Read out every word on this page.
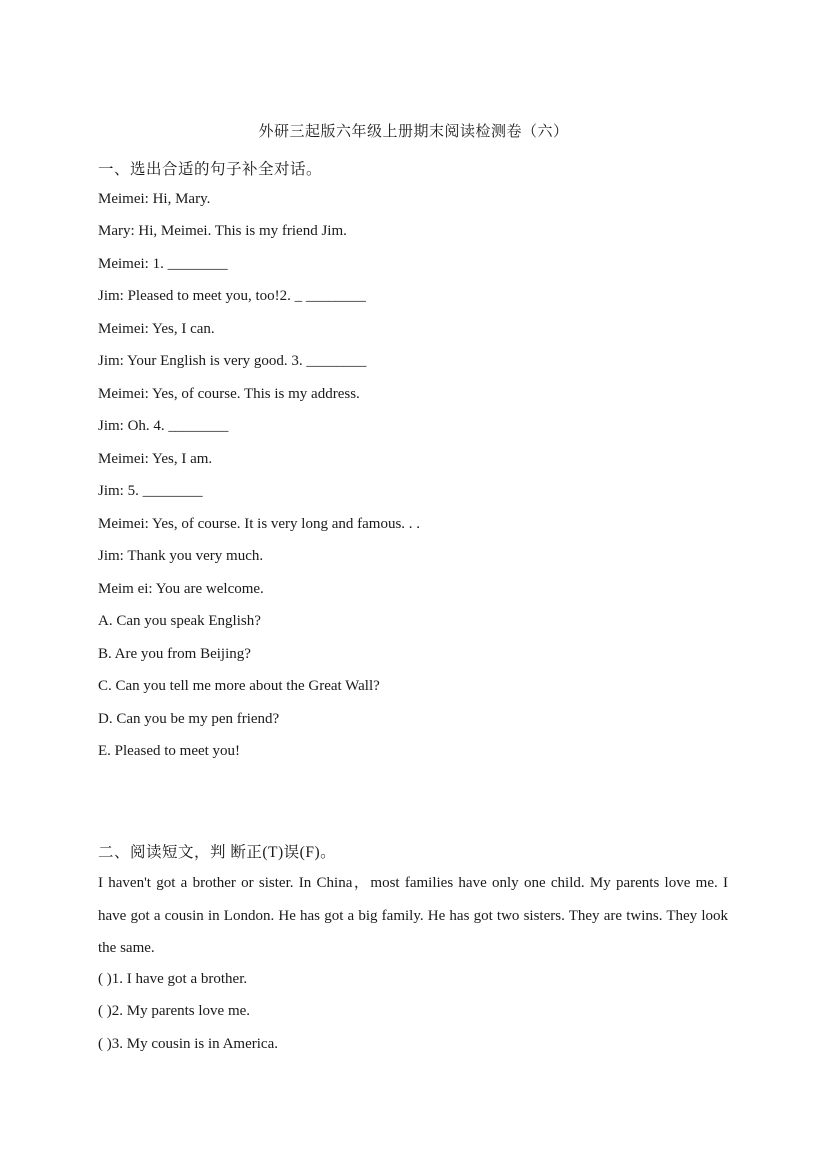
外研三起版六年级上册期末阅读检测卷（六）
一、选出合适的句子补全对话。
Meimei: Hi, Mary.
Mary: Hi, Meimei. This is my friend Jim.
Meimei: 1. ________
Jim: Pleased to meet you, too!2. _ ________
Meimei: Yes, I can.
Jim: Your English is very good. 3. ________
Meimei: Yes, of course. This is my address.
Jim: Oh. 4. ________
Meimei: Yes, I am.
Jim: 5. ________
Meimei: Yes, of course. It is very long and famous. . .
Jim: Thank you very much.
Meim ei: You are welcome.
A. Can you speak English?
B. Are you from Beijing?
C. Can you tell me more about the Great Wall?
D. Can you be my pen friend?
E. Pleased to meet you!
二、阅读短文，判 断正(T)误(F)。
I haven't got a brother or sister. In China，most families have only one child. My parents love me. I have got a cousin in London. He has got a big family. He has got two sisters. They are twins. They look the same.
( )1. I have got a brother.
( )2. My parents love me.
( )3. My cousin is in America.
